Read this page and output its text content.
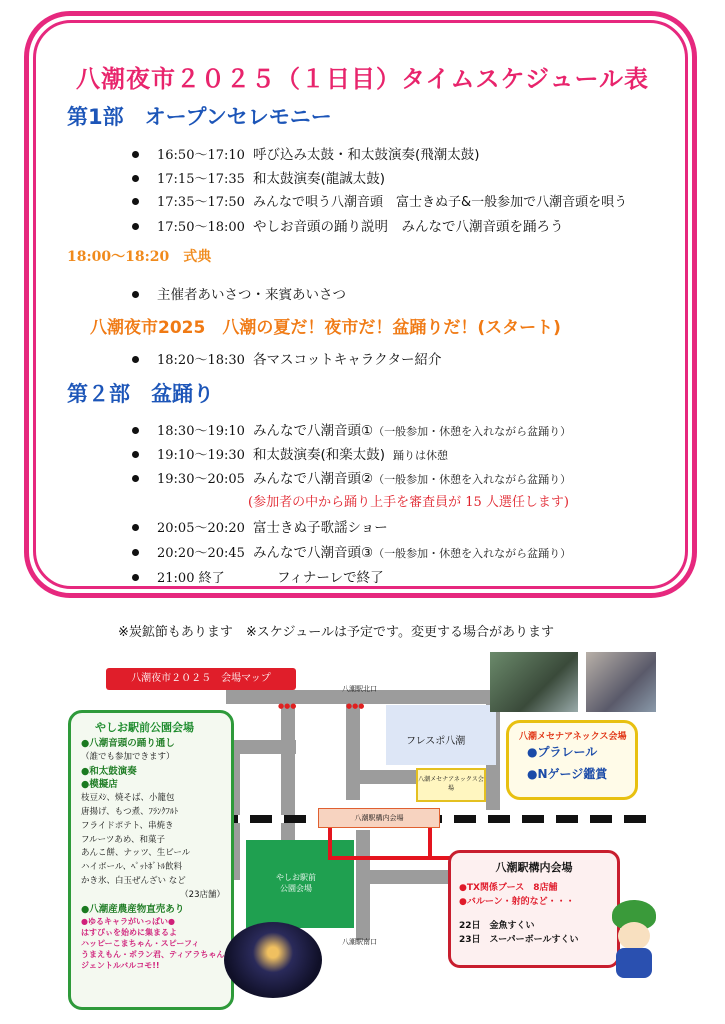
八潮夜市２０２５（１日目）タイムスケジュール表
第1部　オープンセレモニー
16:50～17:10 呼び込み太鼓・和太鼓演奏(飛潮太鼓)
17:15～17:35 和太鼓演奏(龍誠太鼓)
17:35～17:50 みんなで唄う八潮音頭　富士きぬ子&一般参加で八潮音頭を唄う
17:50～18:00 やしお音頭の踊り説明　みんなで八潮音頭を踊ろう
18:00～18:20　式典
主催者あいさつ・来賓あいさつ
八潮夜市2025　八潮の夏だ！夜市だ！盆踊りだ！(スタート)
18:20～18:30 各マスコットキャラクター紹介
第２部　盆踊り
18:30～19:10 みんなで八潮音頭①（一般参加・休憩を入れながら盆踊り）
19:10～19:30 和太鼓演奏(和楽太鼓) 踊りは休憩
19:30～20:05 みんなで八潮音頭②（一般参加・休憩を入れながら盆踊り）
(参加者の中から踊り上手を審査員が 15 人選任します)
20:05～20:20 富士きぬ子歌謡ショー
20:20～20:45 みんなで八潮音頭③（一般参加・休憩を入れながら盆踊り）
21:00 終了	フィナーレで終了
※炭鉱節もあります　※スケジュールは予定です。変更する場合があります
八潮夜市２０２５　会場マップ
八潮駅北口
八潮駅南口
フレスポ八潮
八潮メセナアネックス会場
八潮駅構内会場
やしお駅前
公園会場
●●●	●●●
やしお駅前公園会場
●八潮音頭の踊り通し
（誰でも参加できます）
●和太鼓演奏
●模擬店
枝豆ﾒｼ、焼そば、小籠包
唐揚げ、もつ煮、ﾌﾗﾝｸﾌﾙﾄ
フライドポテト、串焼き
フルーツあめ、和菓子
あんこ餅、ナッツ、生ビール
ハイボール、ﾍﾟｯﾄﾎﾞﾄﾙ飲料
かき氷、白玉ぜんざい など
（23店舗）
●八潮産農産物直売あり
●ゆるキャラがいっぱい●
はすぴぃを始めに集まるよ
ハッピーこまちゃん・スピーフィ
うまえもん・ポラン君、ティアラちゃん
ジェントルバルコモ!!
八潮メセナアネックス会場
●プラレール
●Nゲージ鑑賞
八潮駅構内会場
●TX関係ブース　8店舗
●バルーン・射的など・・・
22日　 金魚すくい
23日　 スーパーボールすくい
